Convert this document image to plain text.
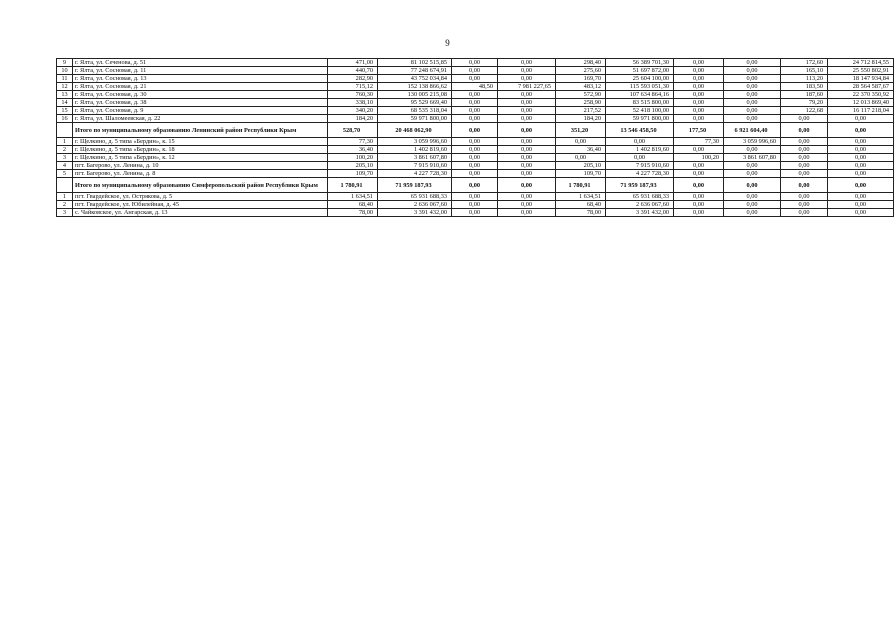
9
9	г. Ялта, ул. Сеченова, д. 51	471,00	81 102 515,85	0,00	0,00	298,40	56 389 701,30	0,00	0,00	172,60	24 712 814,55
10	г. Ялта, ул. Сосновая, д. 11	440,70	77 248 674,91	0,00	0,00	275,60	51 697 872,00	0,00	0,00	165,10	25 550 802,91
11	г. Ялта, ул. Сосновая, д. 13	282,90	43 752 034,84	0,00	0,00	169,70	25 604 100,00	0,00	0,00	113,20	18 147 934,84
12	г. Ялта, ул. Сосновая, д. 21	715,12	152 138 866,62	48,50	7 981 227,65	483,12	115 593 051,30	0,00	0,00	183,50	28 564 587,67
13	г. Ялта, ул. Сосновая, д. 30	760,30	130 005 215,08	0,00	0,00	572,90	107 634 864,16	0,00	0,00	187,60	22 370 350,92
14	г. Ялта, ул. Сосновая, д. 38	338,10	95 529 669,40	0,00	0,00	258,90	83 515 800,00	0,00	0,00	79,20	12 013 869,40
15	г. Ялта, ул. Сосновая, д. 9	340,20	68 535 318,04	0,00	0,00	217,52	52 418 100,00	0,00	0,00	122,68	16 117 218,04
16	г. Ялта, ул. Шаломеевская, д. 22	184,20	59 971 800,00	0,00	0,00	184,20	59 971 800,00	0,00	0,00	0,00	0,00
	Итого по муниципальному образованию Ленинский район Республики Крым	528,70	20 468 062,90	0,00	0,00	351,20	13 546 458,50	177,50	6 921 604,40	0,00	0,00
1	г. Щелкино, д. 5 типа «Бердин», к. 15	77,30	3 059 996,60	0,00	0,00	0,00	0,00	77,30	3 059 996,60	0,00	0,00
2	г. Щелкино, д. 5 типа «Бердин», к. 18	36,40	1 402 819,60	0,00	0,00	36,40	1 402 819,60	0,00	0,00	0,00	0,00
3	г. Щелкино, д. 5 типа «Бердин», к. 12	100,20	3 861 607,80	0,00	0,00	0,00	0,00	100,20	3 861 607,80	0,00	0,00
4	пгт. Багерово, ул. Ленина, д. 10	205,10	7 915 910,60	0,00	0,00	205,10	7 915 910,60	0,00	0,00	0,00	0,00
5	пгт. Багерово, ул. Ленина, д. 8	109,70	4 227 728,30	0,00	0,00	109,70	4 227 728,30	0,00	0,00	0,00	0,00
	Итого по муниципальному образованию Симферопольский район Республики Крым	1 780,91	71 959 187,93	0,00	0,00	1 780,91	71 959 187,93	0,00	0,00	0,00	0,00
1	пгт. Гвардейское, ул. Острякова, д. 5	1 634,51	65 931 688,33	0,00	0,00	1 634,51	65 931 688,33	0,00	0,00	0,00	0,00
2	пгт. Гвардейское, ул. Юбилейная, д. 45	68,40	2 636 067,60	0,00	0,00	68,40	2 636 067,60	0,00	0,00	0,00	0,00
3	с. Чайковское, ул. Ангарская, д. 13	78,00	3 391 432,00	0,00	0,00	78,00	3 391 432,00	0,00	0,00	0,00	0,00
